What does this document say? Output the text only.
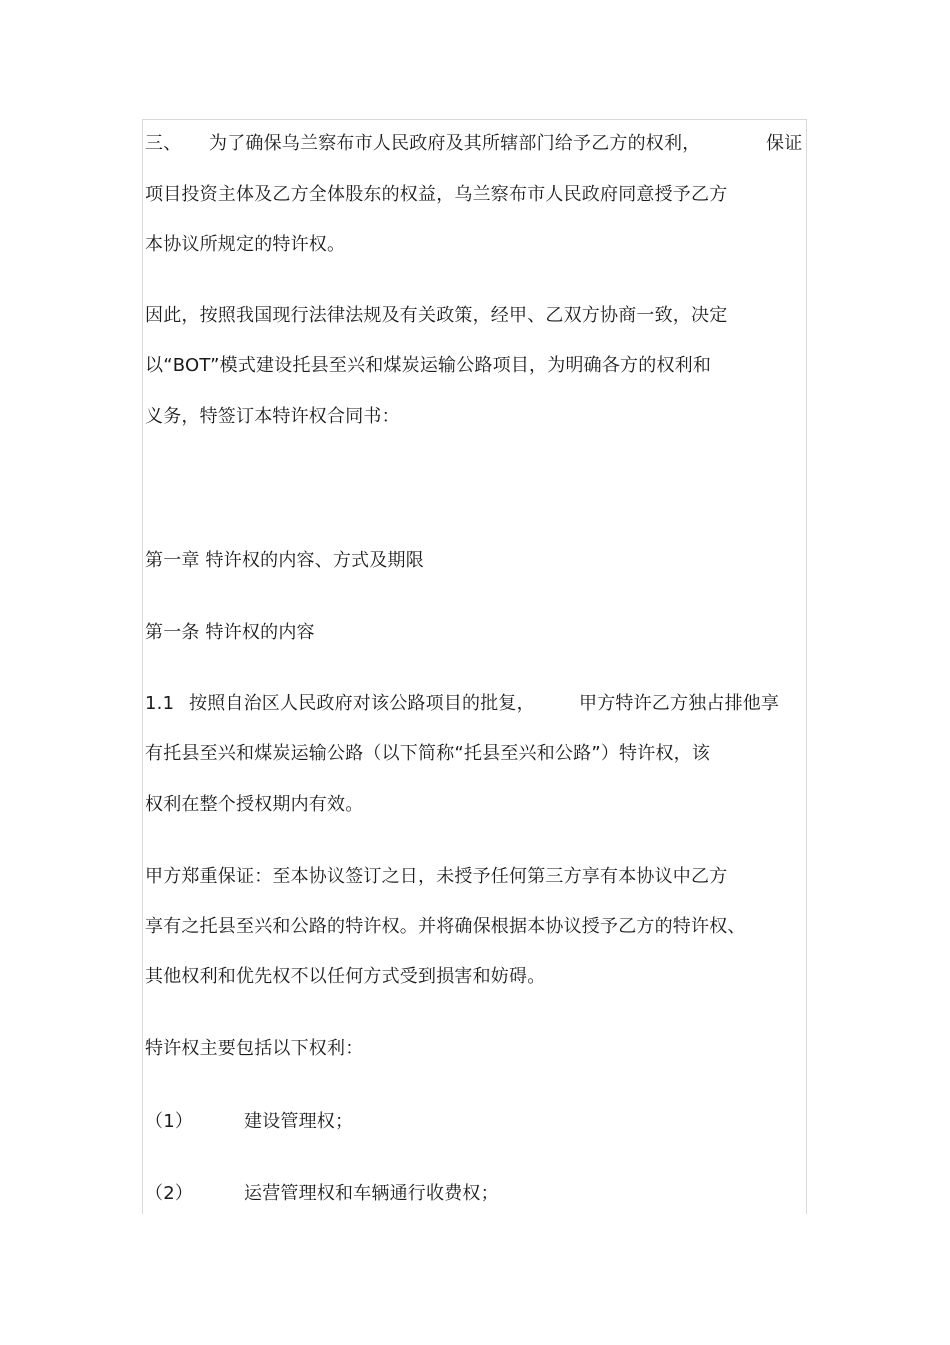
三、 为了确保乌兰察布市人民政府及其所辖部门给予乙方的权利，	保证
项目投资主体及乙方全体股东的权益，乌兰察布市人民政府同意授予乙方
本协议所规定的特许权。
因此，按照我国现行法律法规及有关政策，经甲、乙双方协商一致，决定
以“BOT”模式建设托县至兴和煤炭运输公路项目，为明确各方的权利和
义务，特签订本特许权合同书：
第一章 特许权的内容、方式及期限
第一条 特许权的内容
1.1 按照自治区人民政府对该公路项目的批复， 甲方特许乙方独占排他享
有托县至兴和煤炭运输公路（以下简称“托县至兴和公路”）特许权，该
权利在整个授权期内有效。
甲方郑重保证：至本协议签订之日，未授予任何第三方享有本协议中乙方
享有之托县至兴和公路的特许权。并将确保根据本协议授予乙方的特许权、
其他权利和优先权不以任何方式受到损害和妨碍。
特许权主要包括以下权利：
（1）	建设管理权；
（2）	运营管理权和车辆通行收费权；
